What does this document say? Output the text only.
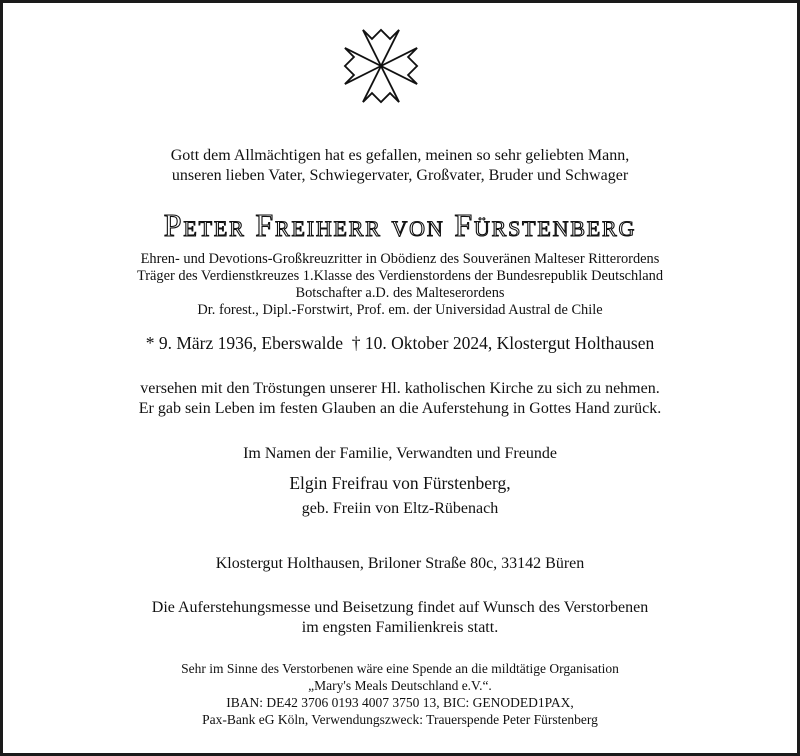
Gott dem Allmächtigen hat es gefallen, meinen so sehr geliebten Mann,
unseren lieben Vater, Schwiegervater, Großvater, Bruder und Schwager
Peter Freiherr von Fürstenberg
Ehren- und Devotions-Großkreuzritter in Obödienz des Souveränen Malteser Ritterordens
Träger des Verdienstkreuzes 1.Klasse des Verdienstordens der Bundesrepublik Deutschland
Botschafter a.D. des Malteserordens
Dr. forest., Dipl.-Forstwirt, Prof. em. der Universidad Austral de Chile
* 9. März 1936, Eberswalde  † 10. Oktober 2024, Klostergut Holthausen
versehen mit den Tröstungen unserer Hl. katholischen Kirche zu sich zu nehmen.
Er gab sein Leben im festen Glauben an die Auferstehung in Gottes Hand zurück.
Im Namen der Familie, Verwandten und Freunde
Elgin Freifrau von Fürstenberg,
geb. Freiin von Eltz-Rübenach
Klostergut Holthausen, Briloner Straße 80c, 33142 Büren
Die Auferstehungsmesse und Beisetzung findet auf Wunsch des Verstorbenen
im engsten Familienkreis statt.
Sehr im Sinne des Verstorbenen wäre eine Spende an die mildtätige Organisation
„Mary's Meals Deutschland e.V.“.
IBAN: DE42 3706 0193 4007 3750 13, BIC: GENODED1PAX,
Pax-Bank eG Köln, Verwendungszweck: Trauerspende Peter Fürstenberg
